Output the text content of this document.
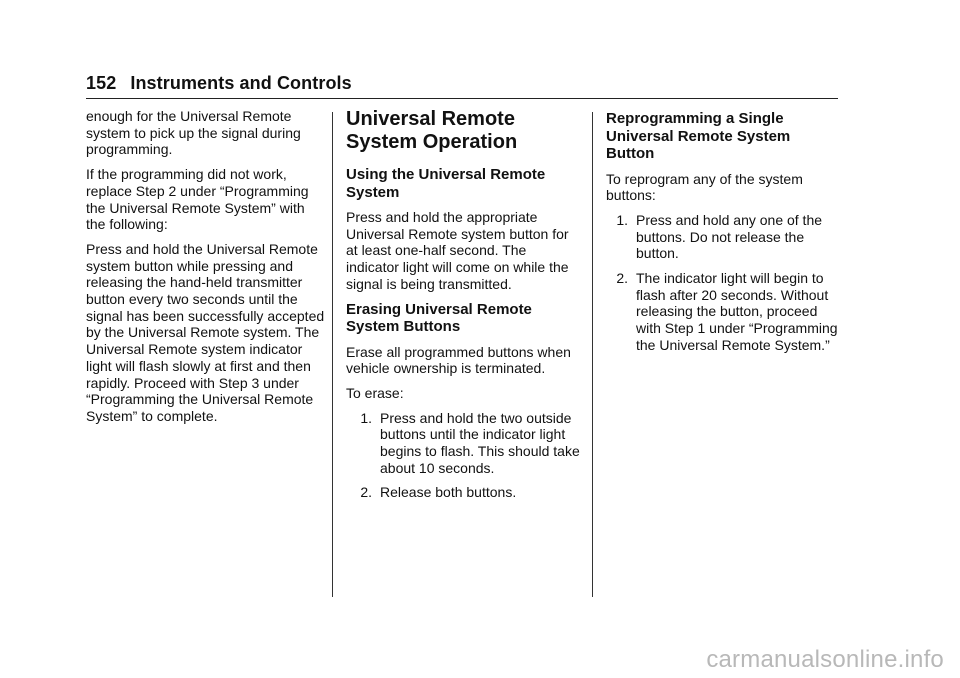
152 Instruments and Controls

enough for the Universal Remote system to pick up the signal during programming.

If the programming did not work, replace Step 2 under “Programming the Universal Remote System” with the following:

Press and hold the Universal Remote system button while pressing and releasing the hand-held transmitter button every two seconds until the signal has been successfully accepted by the Universal Remote system. The Universal Remote system indicator light will flash slowly at first and then rapidly. Proceed with Step 3 under “Programming the Universal Remote System” to complete.

Universal Remote System Operation
Using the Universal Remote System

Press and hold the appropriate Universal Remote system button for at least one-half second. The indicator light will come on while the signal is being transmitted.

Erasing Universal Remote System Buttons

Erase all programmed buttons when vehicle ownership is terminated.

To erase:

1. Press and hold the two outside buttons until the indicator light begins to flash. This should take about 10 seconds.
2. Release both buttons.
Reprogramming a Single Universal Remote System Button

To reprogram any of the system buttons:

1. Press and hold any one of the buttons. Do not release the button.
2. The indicator light will begin to flash after 20 seconds. Without releasing the button, proceed with Step 1 under “Programming the Universal Remote System.”
carmanualsonline.info
